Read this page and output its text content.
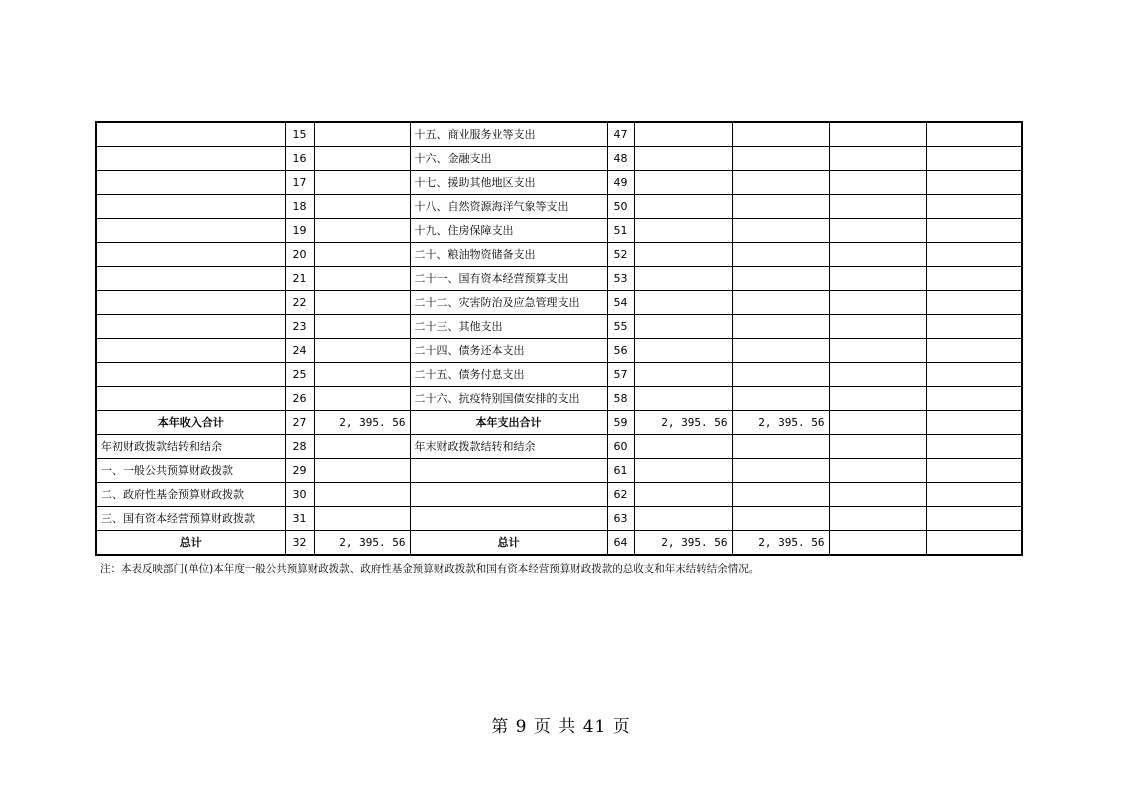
	15		十五、商业服务业等支出	47				
	16		十六、金融支出	48				
	17		十七、援助其他地区支出	49				
	18		十八、自然资源海洋气象等支出	50				
	19		十九、住房保障支出	51				
	20		二十、粮油物资储备支出	52				
	21		二十一、国有资本经营预算支出	53				
	22		二十二、灾害防治及应急管理支出	54				
	23		二十三、其他支出	55				
	24		二十四、债务还本支出	56				
	25		二十五、债务付息支出	57				
	26		二十六、抗疫特别国债安排的支出	58				
本年收入合计	27	2, 395. 56	本年支出合计	59	2, 395. 56	2, 395. 56		
年初财政拨款结转和结余	28		年末财政拨款结转和结余	60				
一、一般公共预算财政拨款	29			61				
二、政府性基金预算财政拨款	30			62				
三、国有资本经营预算财政拨款	31			63				
总计	32	2, 395. 56	总计	64	2, 395. 56	2, 395. 56		
注：本表反映部门(单位)本年度一般公共预算财政拨款、政府性基金预算财政拨款和国有资本经营预算财政拨款的总收支和年末结转结余情况。
第 9 页 共 41 页
